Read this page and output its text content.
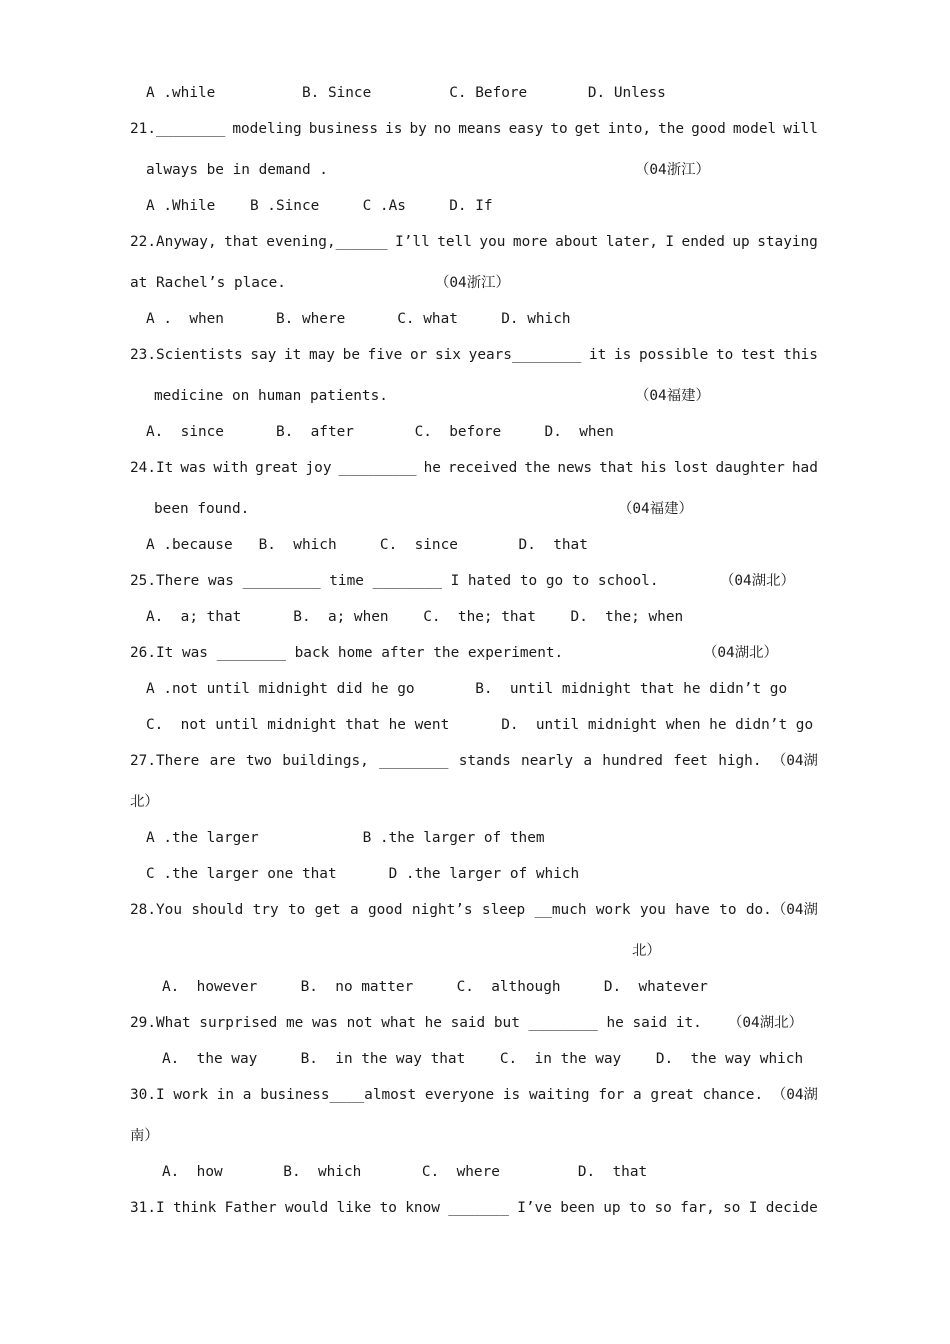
A .while          B. Since         C. Before       D. Unless
21.________ modeling business is by no means easy to get into, the good model will
always be in demand .	（04浙江）
A .While    B .Since     C .As     D. If
22.Anyway, that evening,______ I’ll tell you more about later, I ended up staying
at Rachel’s place.	（04浙江）
A .  when      B. where      C. what     D. which
23.Scientists say it may be five or six years________ it is possible to test this
medicine on human patients.	（04福建）
A.  since      B.  after       C.  before     D.  when
24.It was with great joy _________ he received the news that his lost daughter had
been found.	（04福建）
A .because   B.  which     C.  since       D.  that
25.There was _________ time ________ I hated to go to school.	（04湖北）
A.  a; that      B.  a; when    C.  the; that    D.  the; when
26.It was ________ back home after the experiment.	（04湖北）
A .not until midnight did he go       B.  until midnight that he didn’t go
C.  not until midnight that he went      D.  until midnight when he didn’t go
27.There are two buildings, ________ stands nearly a hundred feet high. （04湖
北）
A .the larger            B .the larger of them
C .the larger one that      D .the larger of which
28.You should try to get a good night’s sleep __much work you have to do.（04湖
北）
A.  however     B.  no matter     C.  although     D.  whatever
29.What surprised me was not what he said but ________ he said it. （04湖北）
A.  the way     B.  in the way that    C.  in the way    D.  the way which
30.I work in a business____almost everyone is waiting for a great chance. （04湖
南）
A.  how       B.  which       C.  where         D.  that
31.I think Father would like to know _______ I’ve been up to so far, so I decide
